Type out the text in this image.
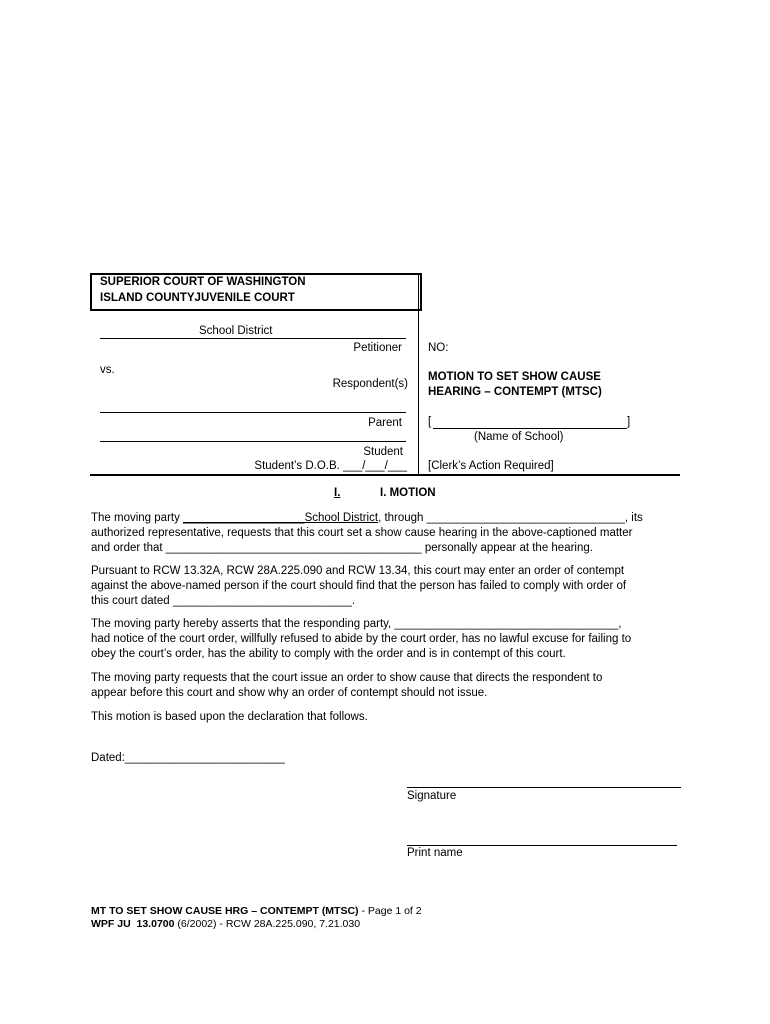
SUPERIOR COURT OF WASHINGTON
ISLAND COUNTYJUVENILE COURT
School District
Petitioner
vs.
Respondent(s)
Parent
Student
Student’s D.O.B. ___/___/___
NO:
MOTION TO SET SHOW CAUSE
HEARING – CONTEMPT (MTSC)
[	]
(Name of School)
[Clerk’s Action Required]
I.	I. MOTION
The moving party ___________________School District, through _______________________________, its
authorized representative, requests that this court set a show cause hearing in the above-captioned matter
and order that ________________________________________ personally appear at the hearing.
Pursuant to RCW 13.32A, RCW 28A.225.090 and RCW 13.34, this court may enter an order of contempt
against the above-named person if the court should find that the person has failed to comply with order of
this court dated ____________________________.
The moving party hereby asserts that the responding party, ___________________________________,
had notice of the court order, willfully refused to abide by the court order, has no lawful excuse for failing to
obey the court’s order, has the ability to comply with the order and is in contempt of this court.
The moving party requests that the court issue an order to show cause that directs the respondent to
appear before this court and show why an order of contempt should not issue.
This motion is based upon the declaration that follows.
Dated:_________________________
Signature
Print name
MT TO SET SHOW CAUSE HRG – CONTEMPT (MTSC) - Page 1 of 2
WPF JU  13.0700 (6/2002) - RCW 28A.225.090, 7.21.030
